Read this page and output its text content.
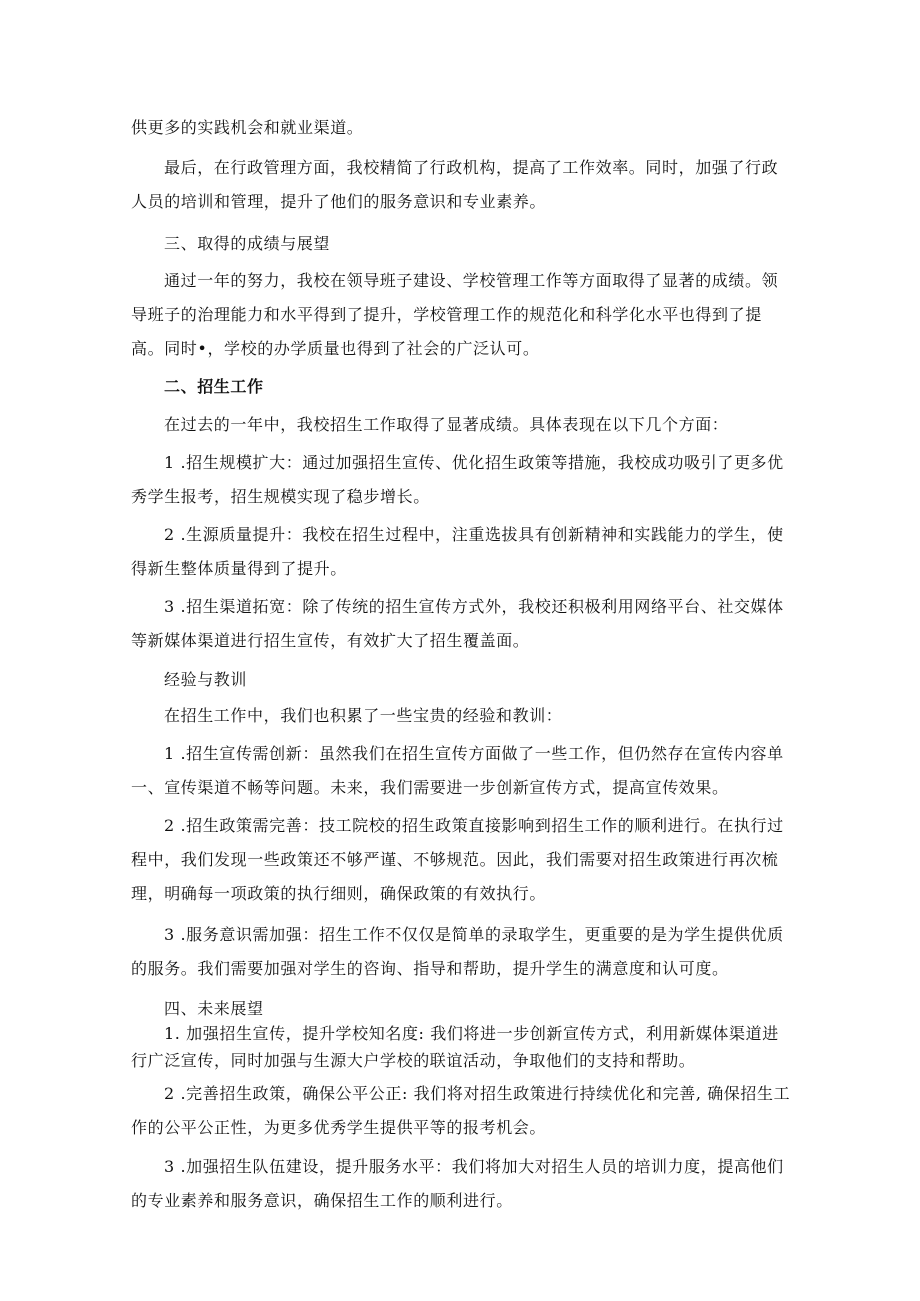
供更多的实践机会和就业渠道。

最后，在行政管理方面，我校精简了行政机构，提高了工作效率。同时，加强了行政人员的培训和管理，提升了他们的服务意识和专业素养。

三、取得的成绩与展望

通过一年的努力，我校在领导班子建设、学校管理工作等方面取得了显著的成绩。领导班子的治理能力和水平得到了提升，学校管理工作的规范化和科学化水平也得到了提高。同时•，学校的办学质量也得到了社会的广泛认可。

二、招生工作

在过去的一年中，我校招生工作取得了显著成绩。具体表现在以下几个方面：

1 .招生规模扩大：通过加强招生宣传、优化招生政策等措施，我校成功吸引了更多优秀学生报考，招生规模实现了稳步增长。

2 .生源质量提升：我校在招生过程中，注重选拔具有创新精神和实践能力的学生，使得新生整体质量得到了提升。

3 .招生渠道拓宽：除了传统的招生宣传方式外，我校还积极利用网络平台、社交媒体等新媒体渠道进行招生宣传，有效扩大了招生覆盖面。

经验与教训

在招生工作中，我们也积累了一些宝贵的经验和教训：

1 .招生宣传需创新：虽然我们在招生宣传方面做了一些工作，但仍然存在宣传内容单一、宣传渠道不畅等问题。未来，我们需要进一步创新宣传方式，提高宣传效果。

2 .招生政策需完善：技工院校的招生政策直接影响到招生工作的顺利进行。在执行过程中，我们发现一些政策还不够严谨、不够规范。因此，我们需要对招生政策进行再次梳理，明确每一项政策的执行细则，确保政策的有效执行。

3 .服务意识需加强：招生工作不仅仅是简单的录取学生，更重要的是为学生提供优质的服务。我们需要加强对学生的咨询、指导和帮助，提升学生的满意度和认可度。

四、未来展望

1. 加强招生宣传，提升学校知名度: 我们将进一步创新宣传方式，利用新媒体渠道进行广泛宣传，同时加强与生源大户学校的联谊活动，争取他们的支持和帮助。

2 .完善招生政策，确保公平公正: 我们将对招生政策进行持续优化和完善, 确保招生工作的公平公正性，为更多优秀学生提供平等的报考机会。

3 .加强招生队伍建设，提升服务水平：我们将加大对招生人员的培训力度，提高他们的专业素养和服务意识，确保招生工作的顺利进行。
